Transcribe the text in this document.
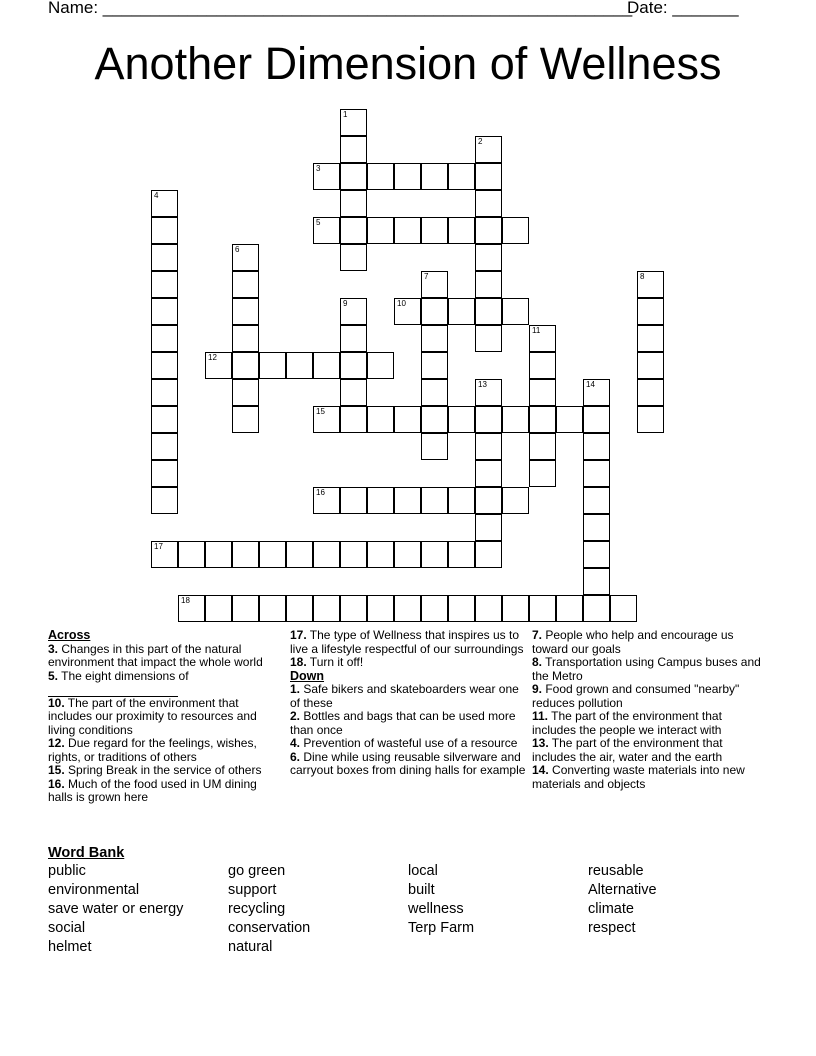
Name: ________________________________________________________
Date: _______
Another Dimension of Wellness
1
2
3
4
5
6
7	8
9	10
11
12
13	14
15
16
17
18

Across

3. Changes in this part of the natural environment that impact the whole world

5. The eight dimensions of

10. The part of the environment that includes our proximity to resources and living conditions

12. Due regard for the feelings, wishes, rights, or traditions of others

15. Spring Break in the service of others

16. Much of the food used in UM dining halls is grown here

17. The type of Wellness that inspires us to live a lifestyle respectful of our surroundings

18. Turn it off!

Down

1. Safe bikers and skateboarders wear one of these

2. Bottles and bags that can be used more than once

4. Prevention of wasteful use of a resource

6. Dine while using reusable silverware and carryout boxes from dining halls for example

7. People who help and encourage us toward our goals

8. Transportation using Campus buses and the Metro

9. Food grown and consumed "nearby" reduces pollution

11. The part of the environment that includes the people we interact with

13. The part of the environment that includes the air, water and the earth

14. Converting waste materials into new materials and objects

Word Bank
public
environmental
save water or energy
social
helmet
go green
support
recycling
conservation
natural
local
built
wellness
Terp Farm
reusable
Alternative
climate
respect
